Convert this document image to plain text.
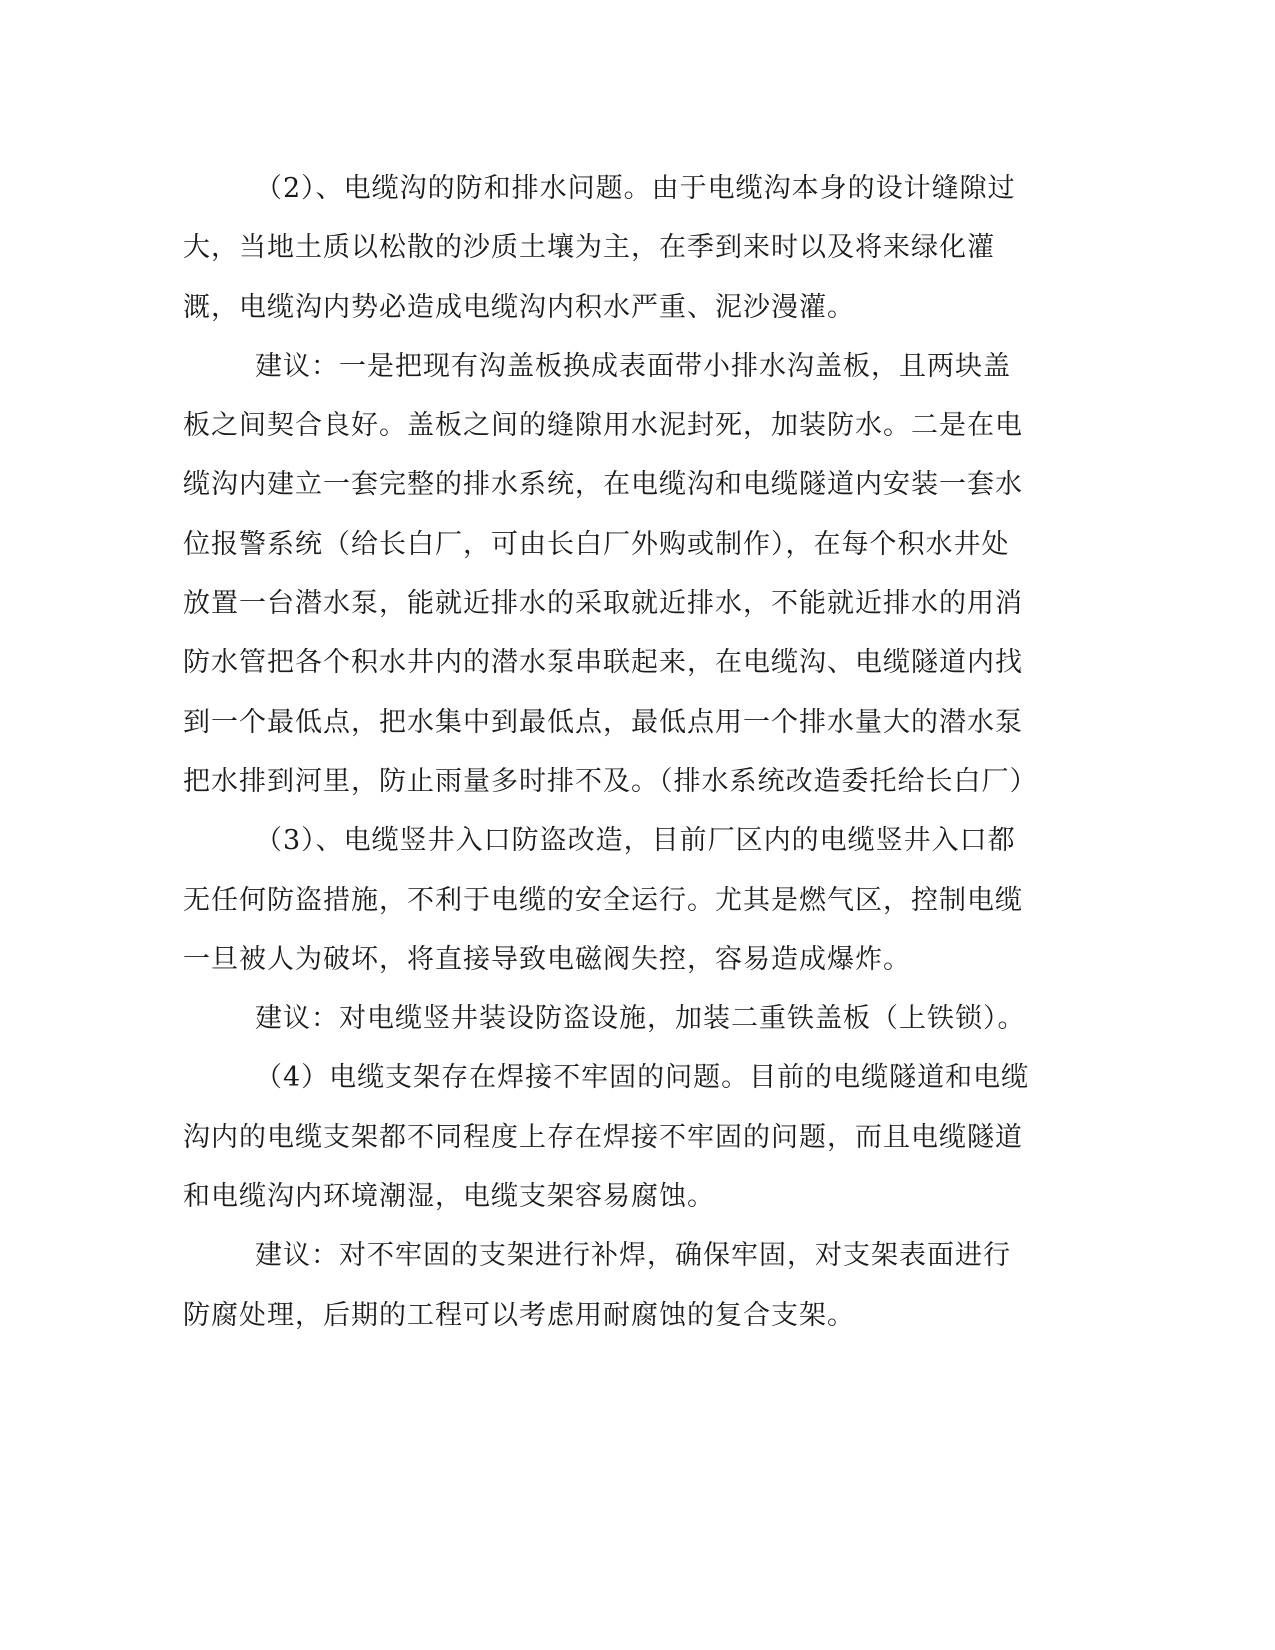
（2）、电缆沟的防和排水问题。由于电缆沟本身的设计缝隙过大，当地土质以松散的沙质土壤为主，在季到来时以及将来绿化灌溉，电缆沟内势必造成电缆沟内积水严重、泥沙漫灌。

建议：一是把现有沟盖板换成表面带小排水沟盖板，且两块盖板之间契合良好。盖板之间的缝隙用水泥封死，加装防水。二是在电缆沟内建立一套完整的排水系统，在电缆沟和电缆隧道内安装一套水位报警系统（给长白厂，可由长白厂外购或制作），在每个积水井处放置一台潜水泵，能就近排水的采取就近排水，不能就近排水的用消防水管把各个积水井内的潜水泵串联起来，在电缆沟、电缆隧道内找到一个最低点，把水集中到最低点，最低点用一个排水量大的潜水泵把水排到河里，防止雨量多时排不及。（排水系统改造委托给长白厂）

（3）、电缆竖井入口防盗改造，目前厂区内的电缆竖井入口都无任何防盗措施，不利于电缆的安全运行。尤其是燃气区，控制电缆一旦被人为破坏，将直接导致电磁阀失控，容易造成爆炸。

建议：对电缆竖井装设防盗设施，加装二重铁盖板（上铁锁）。

（4）电缆支架存在焊接不牢固的问题。目前的电缆隧道和电缆沟内的电缆支架都不同程度上存在焊接不牢固的问题，而且电缆隧道和电缆沟内环境潮湿，电缆支架容易腐蚀。

建议：对不牢固的支架进行补焊，确保牢固，对支架表面进行防腐处理，后期的工程可以考虑用耐腐蚀的复合支架。
